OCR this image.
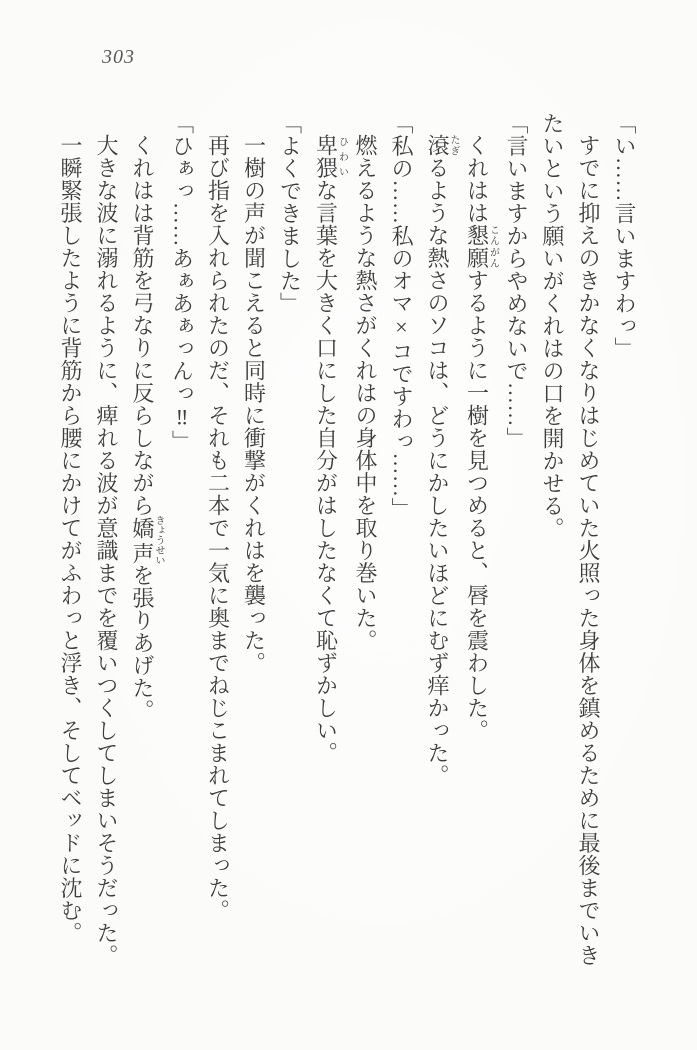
303

「い……言いますわっ」

すでに抑えのきかなくなりはじめていた火照った身体を鎮めるために最後までいき

たいという願いがくれはの口を開かせる。

「言いますからやめないで……」

くれはは懇願こんがんするように一樹を見つめると、唇を震わした。

滾たぎるような熱さのソコは、どうにかしたいほどにむず痒かった。

「私の……私のオマ×コですわっ……」

燃えるような熱さがくれはの身体中を取り巻いた。

卑猥ひわいな言葉を大きく口にした自分がはしたなくて恥ずかしい。

「よくできました」

一樹の声が聞こえると同時に衝撃がくれはを襲った。

再び指を入れられたのだ、それも二本で一気に奥までねじこまれてしまった。

「ひぁっ……あぁあぁっんっ‼」

くれはは背筋を弓なりに反らしながら嬌声きょうせいを張りあげた。

大きな波に溺れるように、痺れる波が意識までを覆いつくしてしまいそうだった。

一瞬緊張したように背筋から腰にかけてがふわっと浮き、そしてベッドに沈む。
